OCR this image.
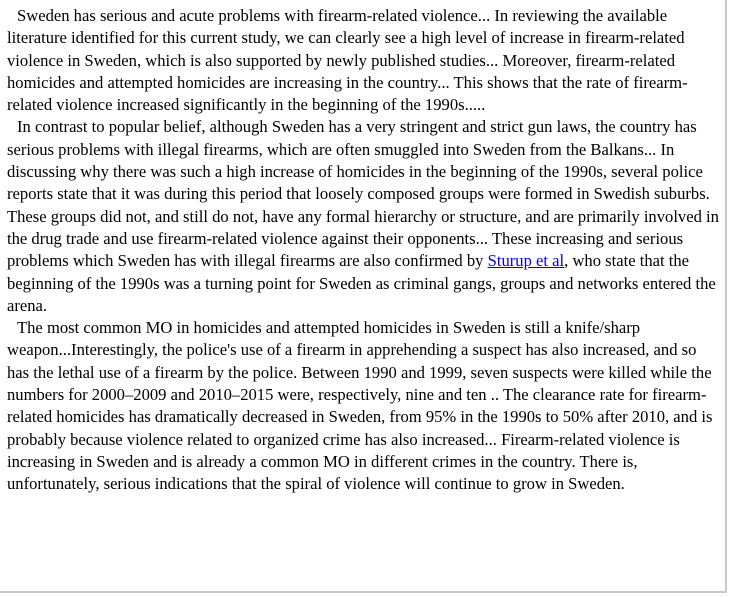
Sweden has serious and acute problems with firearm-related violence... In reviewing the available literature identified for this current study, we can clearly see a high level of increase in firearm-related violence in Sweden, which is also supported by newly published studies... Moreover, firearm-related homicides and attempted homicides are increasing in the country... This shows that the rate of firearm-related violence increased significantly in the beginning of the 1990s.....

In contrast to popular belief, although Sweden has a very stringent and strict gun laws, the country has serious problems with illegal firearms, which are often smuggled into Sweden from the Balkans... In discussing why there was such a high increase of homicides in the beginning of the 1990s, several police reports state that it was during this period that loosely composed groups were formed in Swedish suburbs. These groups did not, and still do not, have any formal hierarchy or structure, and are primarily involved in the drug trade and use firearm-related violence against their opponents... These increasing and serious problems which Sweden has with illegal firearms are also confirmed by Sturup et al, who state that the beginning of the 1990s was a turning point for Sweden as criminal gangs, groups and networks entered the arena.

The most common MO in homicides and attempted homicides in Sweden is still a knife/sharp weapon...Interestingly, the police's use of a firearm in apprehending a suspect has also increased, and so has the lethal use of a firearm by the police. Between 1990 and 1999, seven suspects were killed while the numbers for 2000–2009 and 2010–2015 were, respectively, nine and ten .. The clearance rate for firearm-related homicides has dramatically decreased in Sweden, from 95% in the 1990s to 50% after 2010, and is probably because violence related to organized crime has also increased... Firearm-related violence is increasing in Sweden and is already a common MO in different crimes in the country. There is, unfortunately, serious indications that the spiral of violence will continue to grow in Sweden.
